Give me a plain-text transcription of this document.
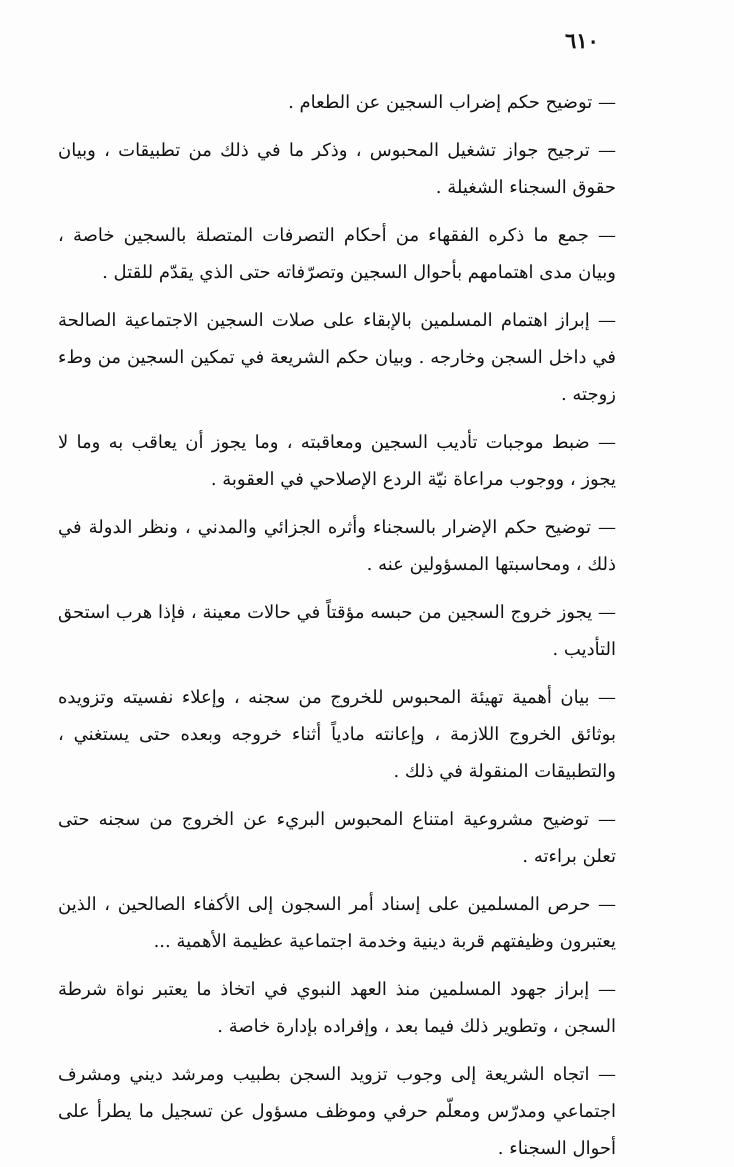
٦١٠

— توضيح حكم إضراب السجين عن الطعام .

— ترجيح جواز تشغيل المحبوس ، وذكر ما في ذلك من تطبيقات ، وبيان حقوق السجناء الشغيلة .

— جمع ما ذكره الفقهاء من أحكام التصرفات المتصلة بالسجين خاصة ، وبيان مدى اهتمامهم بأحوال السجين وتصرّفاته حتى الذي يقدّم للقتل .

— إبراز اهتمام المسلمين بالإبقاء على صلات السجين الاجتماعية الصالحة في داخل السجن وخارجه . وبيان حكم الشريعة في تمكين السجين من وطء زوجته .

— ضبط موجبات تأديب السجين ومعاقبته ، وما يجوز أن يعاقب به وما لا يجوز ، ووجوب مراعاة نيّة الردع الإصلاحي في العقوبة .

— توضيح حكم الإضرار بالسجناء وأثره الجزائي والمدني ، ونظر الدولة في ذلك ، ومحاسبتها المسؤولين عنه .

— يجوز خروج السجين من حبسه مؤقتاً في حالات معينة ، فإذا هرب استحق التأديب .

— بيان أهمية تهيئة المحبوس للخروج من سجنه ، وإعلاء نفسيته وتزويده بوثائق الخروج اللازمة ، وإعانته مادياً أثناء خروجه وبعده حتى يستغني ، والتطبيقات المنقولة في ذلك .

— توضيح مشروعية امتناع المحبوس البريء عن الخروج من سجنه حتى تعلن براءته .

— حرص المسلمين على إسناد أمر السجون إلى الأكفاء الصالحين ، الذين يعتبرون وظيفتهم قربة دينية وخدمة اجتماعية عظيمة الأهمية ...

— إبراز جهود المسلمين منذ العهد النبوي في اتخاذ ما يعتبر نواة شرطة السجن ، وتطوير ذلك فيما بعد ، وإفراده بإدارة خاصة .

— اتجاه الشريعة إلى وجوب تزويد السجن بطبيب ومرشد ديني ومشرف اجتماعي ومدرّس ومعلّم حرفي وموظف مسؤول عن تسجيل ما يطرأ على أحوال السجناء .
